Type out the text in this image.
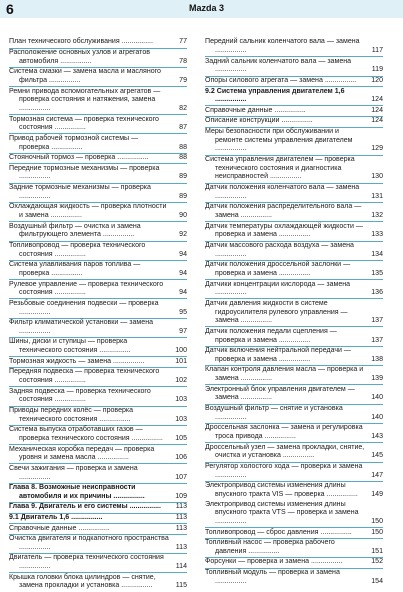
6	Mazda 3
План технического обслуживания ................	77
Расположение основных узлов и агрегатов автомобиля ................	78
Система смазки — замена масла и масляного фильтра ................	79
Ремни привода вспомогательных агрегатов — проверка состояния и натяжения, замена ................	82
Тормозная система — проверка технического состояния ................	87
Привод рабочей тормозной системы — проверка ................	88
Стояночный тормоз — проверка ................	88
Передние тормозные механизмы — проверка ................	89
Задние тормозные механизмы — проверка ................	89
Охлаждающая жидкость — проверка плотности и замена ................	90
Воздушный фильтр — очистка и замена фильтрующего элемента ................	92
Топливопровод — проверка технического состояния ................	94
Система улавливания паров топлива — проверка ................	94
Рулевое управление — проверка технического состояния ................	94
Резьбовые соединения подвески — проверка ................	95
Фильтр климатической установки — замена ................	97
Шины, диски и ступицы — проверка технического состояния ................	100
Тормозная жидкость — замена ................	101
Передняя подвеска — проверка технического состояния ................	102
Задняя подвеска — проверка технического состояния ................	103
Приводы передних колёс — проверка технического состояния ................	103
Система выпуска отработавших газов — проверка технического состояния ................ 105
Механическая коробка передач — проверка уровня и замена масла ................	106
Свечи зажигания — проверка и замена ................	107
Глава 8. Возможные неисправности автомобиля и их причины ................	109
Глава 9. Двигатель и его системы ................ 113
9.1 Двигатель 1,6 ................	113
Справочные данные ................	113
Очистка двигателя и подкапотного пространства ................	113
Двигатель — проверка технического состояния ................	114
Крышка головки блока цилиндров — снятие, замена прокладки и установка ................	115
Передний сальник коленчатого вала — замена ................	117
Задний сальник коленчатого вала — замена ................	119
Опоры силового агрегата — замена ................ 120
9.2 Система управления двигателем 1,6 ................	124
Справочные данные ................	124
Описание конструкции ................	124
Меры безопасности при обслуживании и ремонте системы управления двигателем ................	129
Система управления двигателем — проверка технического состояния и диагностика неисправностей ................	130
Датчик положения коленчатого вала — замена ................	131
Датчик положения распределительного вала — замена ................	132
Датчик температуры охлаждающей жидкости — проверка и замена ................	133
Датчик массового расхода воздуха — замена ................	134
Датчик положения дроссельной заслонки — проверка и замена ................	135
Датчики концентрации кислорода — замена ................	136
Датчик давления жидкости в системе гидроусилителя рулевого управления — замена ................	137
Датчик положения педали сцепления — проверка и замена ................	137
Датчик включения нейтральной передачи — проверка и замена ................	138
Клапан контроля давления масла — проверка и замена ................	139
Электронный блок управления двигателем — замена ................	140
Воздушный фильтр — снятие и установка ................	140
Дроссельная заслонка — замена и регулировка троса привода ................	143
Дроссельный узел — замена прокладки, снятие, очистка и установка ................	145
Регулятор холостого хода — проверка и замена ................	147
Электропривод системы изменения длины впускного тракта VIS — проверка ................ 149
Электропривод системы изменения длины впускного тракта VTS — проверка и замена ................	150
Топливопровод — сброс давления ................	150
Топливный насос — проверка рабочего давления ................	151
Форсунки — проверка и замена ................	152
Топливный модуль — проверка и замена ................	154
